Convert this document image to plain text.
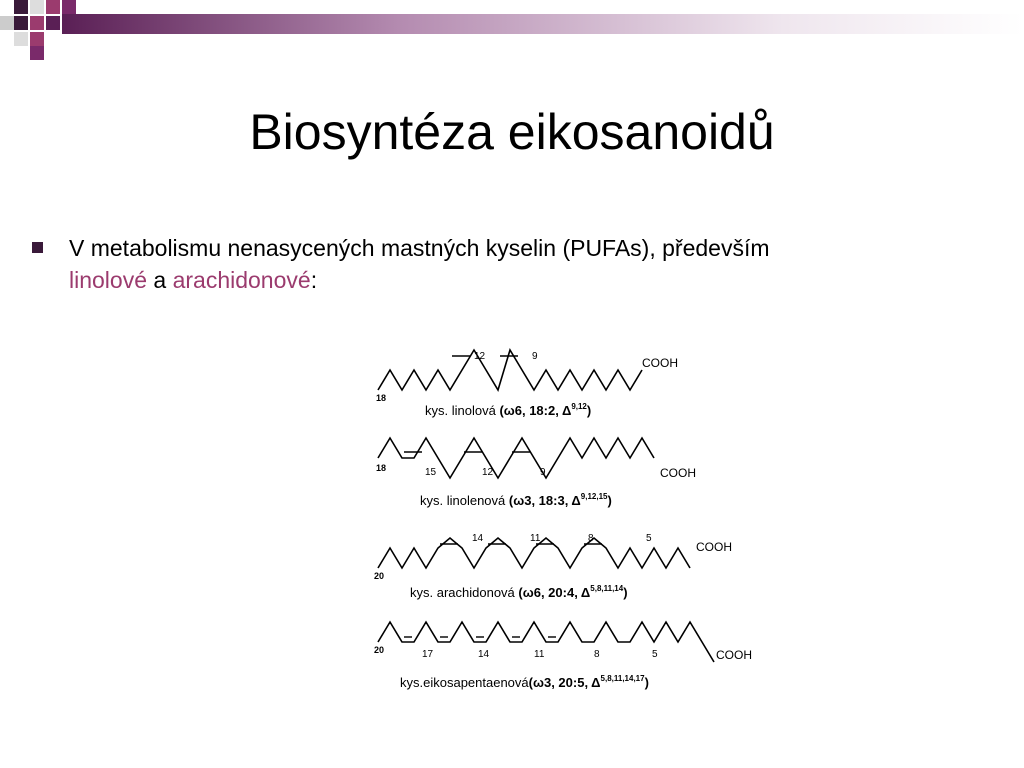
Biosyntéza eikosanoidů
V metabolismu nenasycených mastných kyselin (PUFAs), především
linolové a arachidonové:
18
12	9	COOH
kys. linolová (ω6, 18:2, Δ$^{9,12}$)
18	15	12	9	COOH
kys. linolenová (ω3, 18:3, Δ$^{9,12,15}$)
20
14	11	8	5
COOH
kys. arachidonová (ω6, 20:4, Δ$^{5,8,11,14}$)
20	17	14	11	8	5	COOH
kys.eikosapentaenová(ω3, 20:5, Δ$^{5,8,11,14,17}$)
